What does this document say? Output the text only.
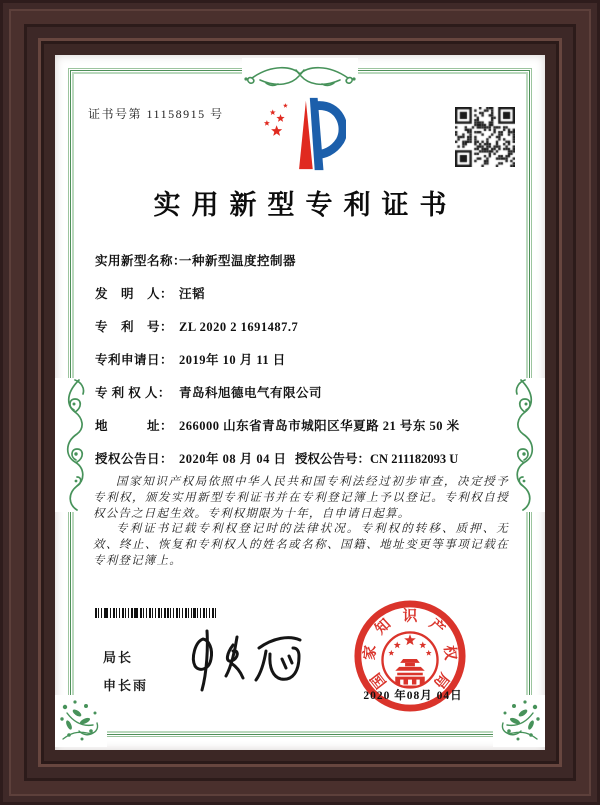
证书号第 11158915 号
实用新型专利证书
实用新型名称：一种新型温度控制器
发　明　人： 汪韬
专　利　号： ZL 2020 2 1691487.7
专利申请日： 2019年 10 月 11 日
专 利 权 人： 青岛科旭德电气有限公司
地　　　址： 266000 山东省青岛市城阳区华夏路 21 号东 50 米
授权公告日： 2020年 08 月 04 日 授权公告号：CN 211182093 U

国家知识产权局依照中华人民共和国专利法经过初步审查，决定授予专利权，颁发实用新型专利证书并在专利登记簿上予以登记。专利权自授权公告之日起生效。专利权期限为十年，自申请日起算。

专利证书记载专利权登记时的法律状况。专利权的转移、质押、无效、终止、恢复和专利权人的姓名或名称、国籍、地址变更等事项记载在专利登记簿上。

局长
申长雨	国
家
知 识 产
权
局
2020 年08月 04日
